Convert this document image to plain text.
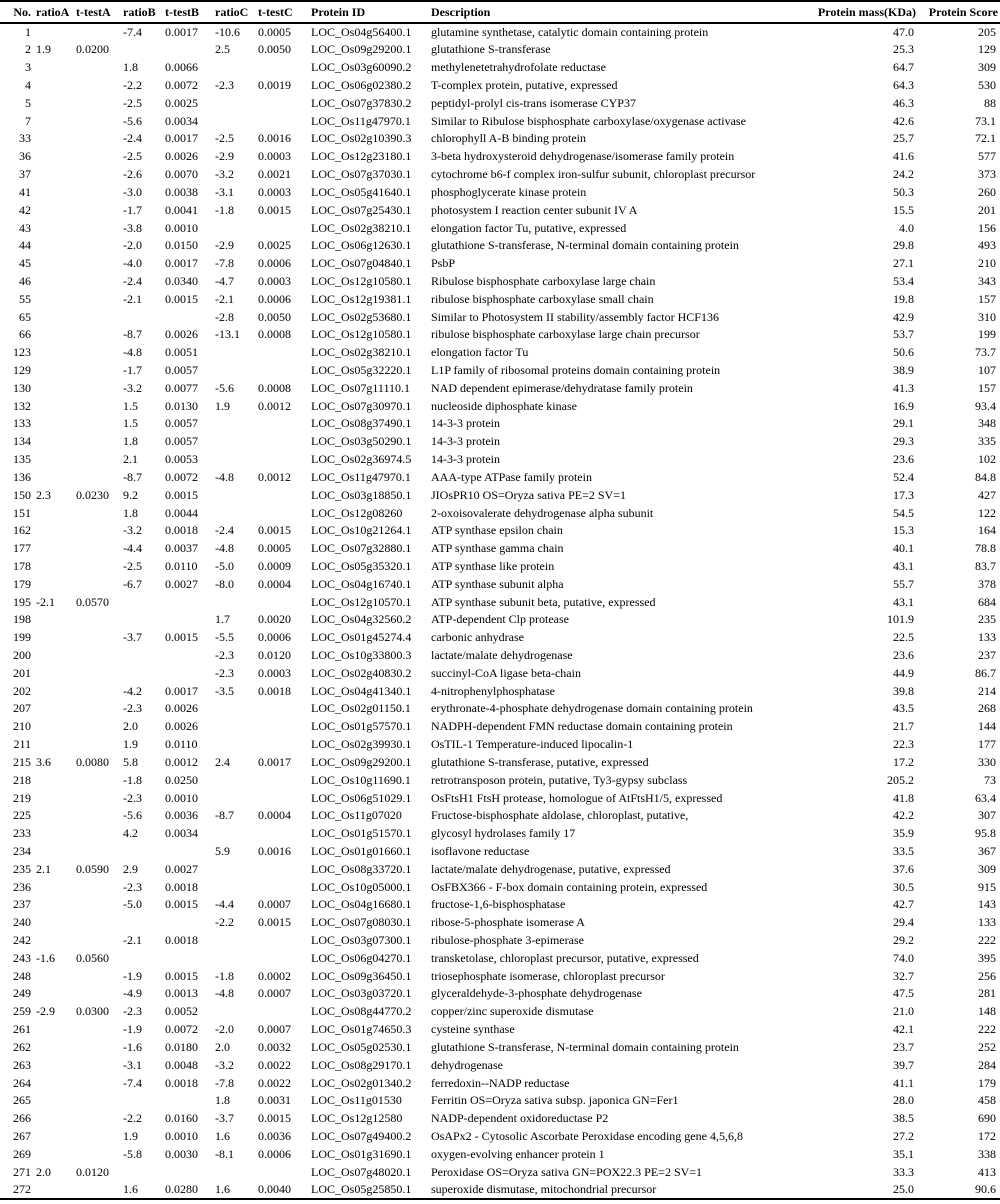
No.	ratioA	t-testA	ratioB	t-testB	ratioC	t-testC	Protein ID	Description	Protein mass(KDa)	Protein Score
1			-7.4	0.0017	-10.6	0.0005	LOC_Os04g56400.1	glutamine synthetase, catalytic domain containing protein	47.0	205
2	1.9	0.0200			2.5	0.0050	LOC_Os09g29200.1	glutathione S-transferase	25.3	129
3			1.8	0.0066			LOC_Os03g60090.2	methylenetetrahydrofolate reductase	64.7	309
4			-2.2	0.0072	-2.3	0.0019	LOC_Os06g02380.2	T-complex protein, putative, expressed	64.3	530
5			-2.5	0.0025			LOC_Os07g37830.2	peptidyl-prolyl cis-trans isomerase CYP37	46.3	88
7			-5.6	0.0034			LOC_Os11g47970.1	Similar to Ribulose bisphosphate carboxylase/oxygenase activase	42.6	73.1
33			-2.4	0.0017	-2.5	0.0016	LOC_Os02g10390.3	chlorophyll A-B binding protein	25.7	72.1
36			-2.5	0.0026	-2.9	0.0003	LOC_Os12g23180.1	3-beta hydroxysteroid dehydrogenase/isomerase family protein	41.6	577
37			-2.6	0.0070	-3.2	0.0021	LOC_Os07g37030.1	cytochrome b6-f complex iron-sulfur subunit, chloroplast precursor	24.2	373
41			-3.0	0.0038	-3.1	0.0003	LOC_Os05g41640.1	phosphoglycerate kinase protein	50.3	260
42			-1.7	0.0041	-1.8	0.0015	LOC_Os07g25430.1	photosystem I reaction center subunit IV A	15.5	201
43			-3.8	0.0010			LOC_Os02g38210.1	elongation factor Tu, putative, expressed	4.0	156
44			-2.0	0.0150	-2.9	0.0025	LOC_Os06g12630.1	glutathione S-transferase, N-terminal domain containing protein	29.8	493
45			-4.0	0.0017	-7.8	0.0006	LOC_Os07g04840.1	PsbP	27.1	210
46			-2.4	0.0340	-4.7	0.0003	LOC_Os12g10580.1	Ribulose bisphosphate carboxylase large chain	53.4	343
55			-2.1	0.0015	-2.1	0.0006	LOC_Os12g19381.1	ribulose bisphosphate carboxylase small chain	19.8	157
65					-2.8	0.0050	LOC_Os02g53680.1	Similar to Photosystem II stability/assembly factor HCF136	42.9	310
66			-8.7	0.0026	-13.1	0.0008	LOC_Os12g10580.1	ribulose bisphosphate carboxylase large chain precursor	53.7	199
123			-4.8	0.0051			LOC_Os02g38210.1	elongation factor Tu	50.6	73.7
129			-1.7	0.0057			LOC_Os05g32220.1	L1P family of ribosomal proteins domain containing protein	38.9	107
130			-3.2	0.0077	-5.6	0.0008	LOC_Os07g11110.1	NAD dependent epimerase/dehydratase family protein	41.3	157
132			1.5	0.0130	1.9	0.0012	LOC_Os07g30970.1	nucleoside diphosphate kinase	16.9	93.4
133			1.5	0.0057			LOC_Os08g37490.1	14-3-3 protein	29.1	348
134			1.8	0.0057			LOC_Os03g50290.1	14-3-3 protein	29.3	335
135			2.1	0.0053			LOC_Os02g36974.5	14-3-3 protein	23.6	102
136			-8.7	0.0072	-4.8	0.0012	LOC_Os11g47970.1	AAA-type ATPase family protein	52.4	84.8
150	2.3	0.0230	9.2	0.0015			LOC_Os03g18850.1	JIOsPR10 OS=Oryza sativa PE=2 SV=1	17.3	427
151			1.8	0.0044			LOC_Os12g08260	2-oxoisovalerate dehydrogenase alpha subunit	54.5	122
162			-3.2	0.0018	-2.4	0.0015	LOC_Os10g21264.1	ATP synthase epsilon chain	15.3	164
177			-4.4	0.0037	-4.8	0.0005	LOC_Os07g32880.1	ATP synthase gamma chain	40.1	78.8
178			-2.5	0.0110	-5.0	0.0009	LOC_Os05g35320.1	ATP synthase like protein	43.1	83.7
179			-6.7	0.0027	-8.0	0.0004	LOC_Os04g16740.1	ATP synthase subunit alpha	55.7	378
195	-2.1	0.0570					LOC_Os12g10570.1	ATP synthase subunit beta, putative, expressed	43.1	684
198					1.7	0.0020	LOC_Os04g32560.2	ATP-dependent Clp protease	101.9	235
199			-3.7	0.0015	-5.5	0.0006	LOC_Os01g45274.4	carbonic anhydrase	22.5	133
200					-2.3	0.0120	LOC_Os10g33800.3	lactate/malate dehydrogenase	23.6	237
201					-2.3	0.0003	LOC_Os02g40830.2	succinyl-CoA ligase beta-chain	44.9	86.7
202			-4.2	0.0017	-3.5	0.0018	LOC_Os04g41340.1	4-nitrophenylphosphatase	39.8	214
207			-2.3	0.0026			LOC_Os02g01150.1	erythronate-4-phosphate dehydrogenase domain containing protein	43.5	268
210			2.0	0.0026			LOC_Os01g57570.1	NADPH-dependent FMN reductase domain containing protein	21.7	144
211			1.9	0.0110			LOC_Os02g39930.1	OsTIL-1 Temperature-induced lipocalin-1	22.3	177
215	3.6	0.0080	5.8	0.0012	2.4	0.0017	LOC_Os09g29200.1	glutathione S-transferase, putative, expressed	17.2	330
218			-1.8	0.0250			LOC_Os10g11690.1	retrotransposon protein, putative, Ty3-gypsy subclass	205.2	73
219			-2.3	0.0010			LOC_Os06g51029.1	OsFtsH1 FtsH protease, homologue of AtFtsH1/5, expressed	41.8	63.4
225			-5.6	0.0036	-8.7	0.0004	LOC_Os11g07020	Fructose-bisphosphate aldolase, chloroplast, putative,	42.2	307
233			4.2	0.0034			LOC_Os01g51570.1	glycosyl hydrolases family 17	35.9	95.8
234					5.9	0.0016	LOC_Os01g01660.1	isoflavone reductase	33.5	367
235	2.1	0.0590	2.9	0.0027			LOC_Os08g33720.1	lactate/malate dehydrogenase, putative, expressed	37.6	309
236			-2.3	0.0018			LOC_Os10g05000.1	OsFBX366 - F-box domain containing protein, expressed	30.5	915
237			-5.0	0.0015	-4.4	0.0007	LOC_Os04g16680.1	fructose-1,6-bisphosphatase	42.7	143
240					-2.2	0.0015	LOC_Os07g08030.1	ribose-5-phosphate isomerase A	29.4	133
242			-2.1	0.0018			LOC_Os03g07300.1	ribulose-phosphate 3-epimerase	29.2	222
243	-1.6	0.0560					LOC_Os06g04270.1	transketolase, chloroplast precursor, putative, expressed	74.0	395
248			-1.9	0.0015	-1.8	0.0002	LOC_Os09g36450.1	triosephosphate isomerase, chloroplast precursor	32.7	256
249			-4.9	0.0013	-4.8	0.0007	LOC_Os03g03720.1	glyceraldehyde-3-phosphate dehydrogenase	47.5	281
259	-2.9	0.0300	-2.3	0.0052			LOC_Os08g44770.2	copper/zinc superoxide dismutase	21.0	148
261			-1.9	0.0072	-2.0	0.0007	LOC_Os01g74650.3	cysteine synthase	42.1	222
262			-1.6	0.0180	2.0	0.0032	LOC_Os05g02530.1	glutathione S-transferase, N-terminal domain containing protein	23.7	252
263			-3.1	0.0048	-3.2	0.0022	LOC_Os08g29170.1	dehydrogenase	39.7	284
264			-7.4	0.0018	-7.8	0.0022	LOC_Os02g01340.2	ferredoxin--NADP reductase	41.1	179
265					1.8	0.0031	LOC_Os11g01530	Ferritin OS=Oryza sativa subsp. japonica GN=Fer1	28.0	458
266			-2.2	0.0160	-3.7	0.0015	LOC_Os12g12580	NADP-dependent oxidoreductase P2	38.5	690
267			1.9	0.0010	1.6	0.0036	LOC_Os07g49400.2	OsAPx2 - Cytosolic Ascorbate Peroxidase encoding gene 4,5,6,8	27.2	172
269			-5.8	0.0030	-8.1	0.0006	LOC_Os01g31690.1	oxygen-evolving enhancer protein 1	35.1	338
271	2.0	0.0120					LOC_Os07g48020.1	Peroxidase OS=Oryza sativa GN=POX22.3 PE=2 SV=1	33.3	413
272			1.6	0.0280	1.6	0.0040	LOC_Os05g25850.1	superoxide dismutase, mitochondrial precursor	25.0	90.6
